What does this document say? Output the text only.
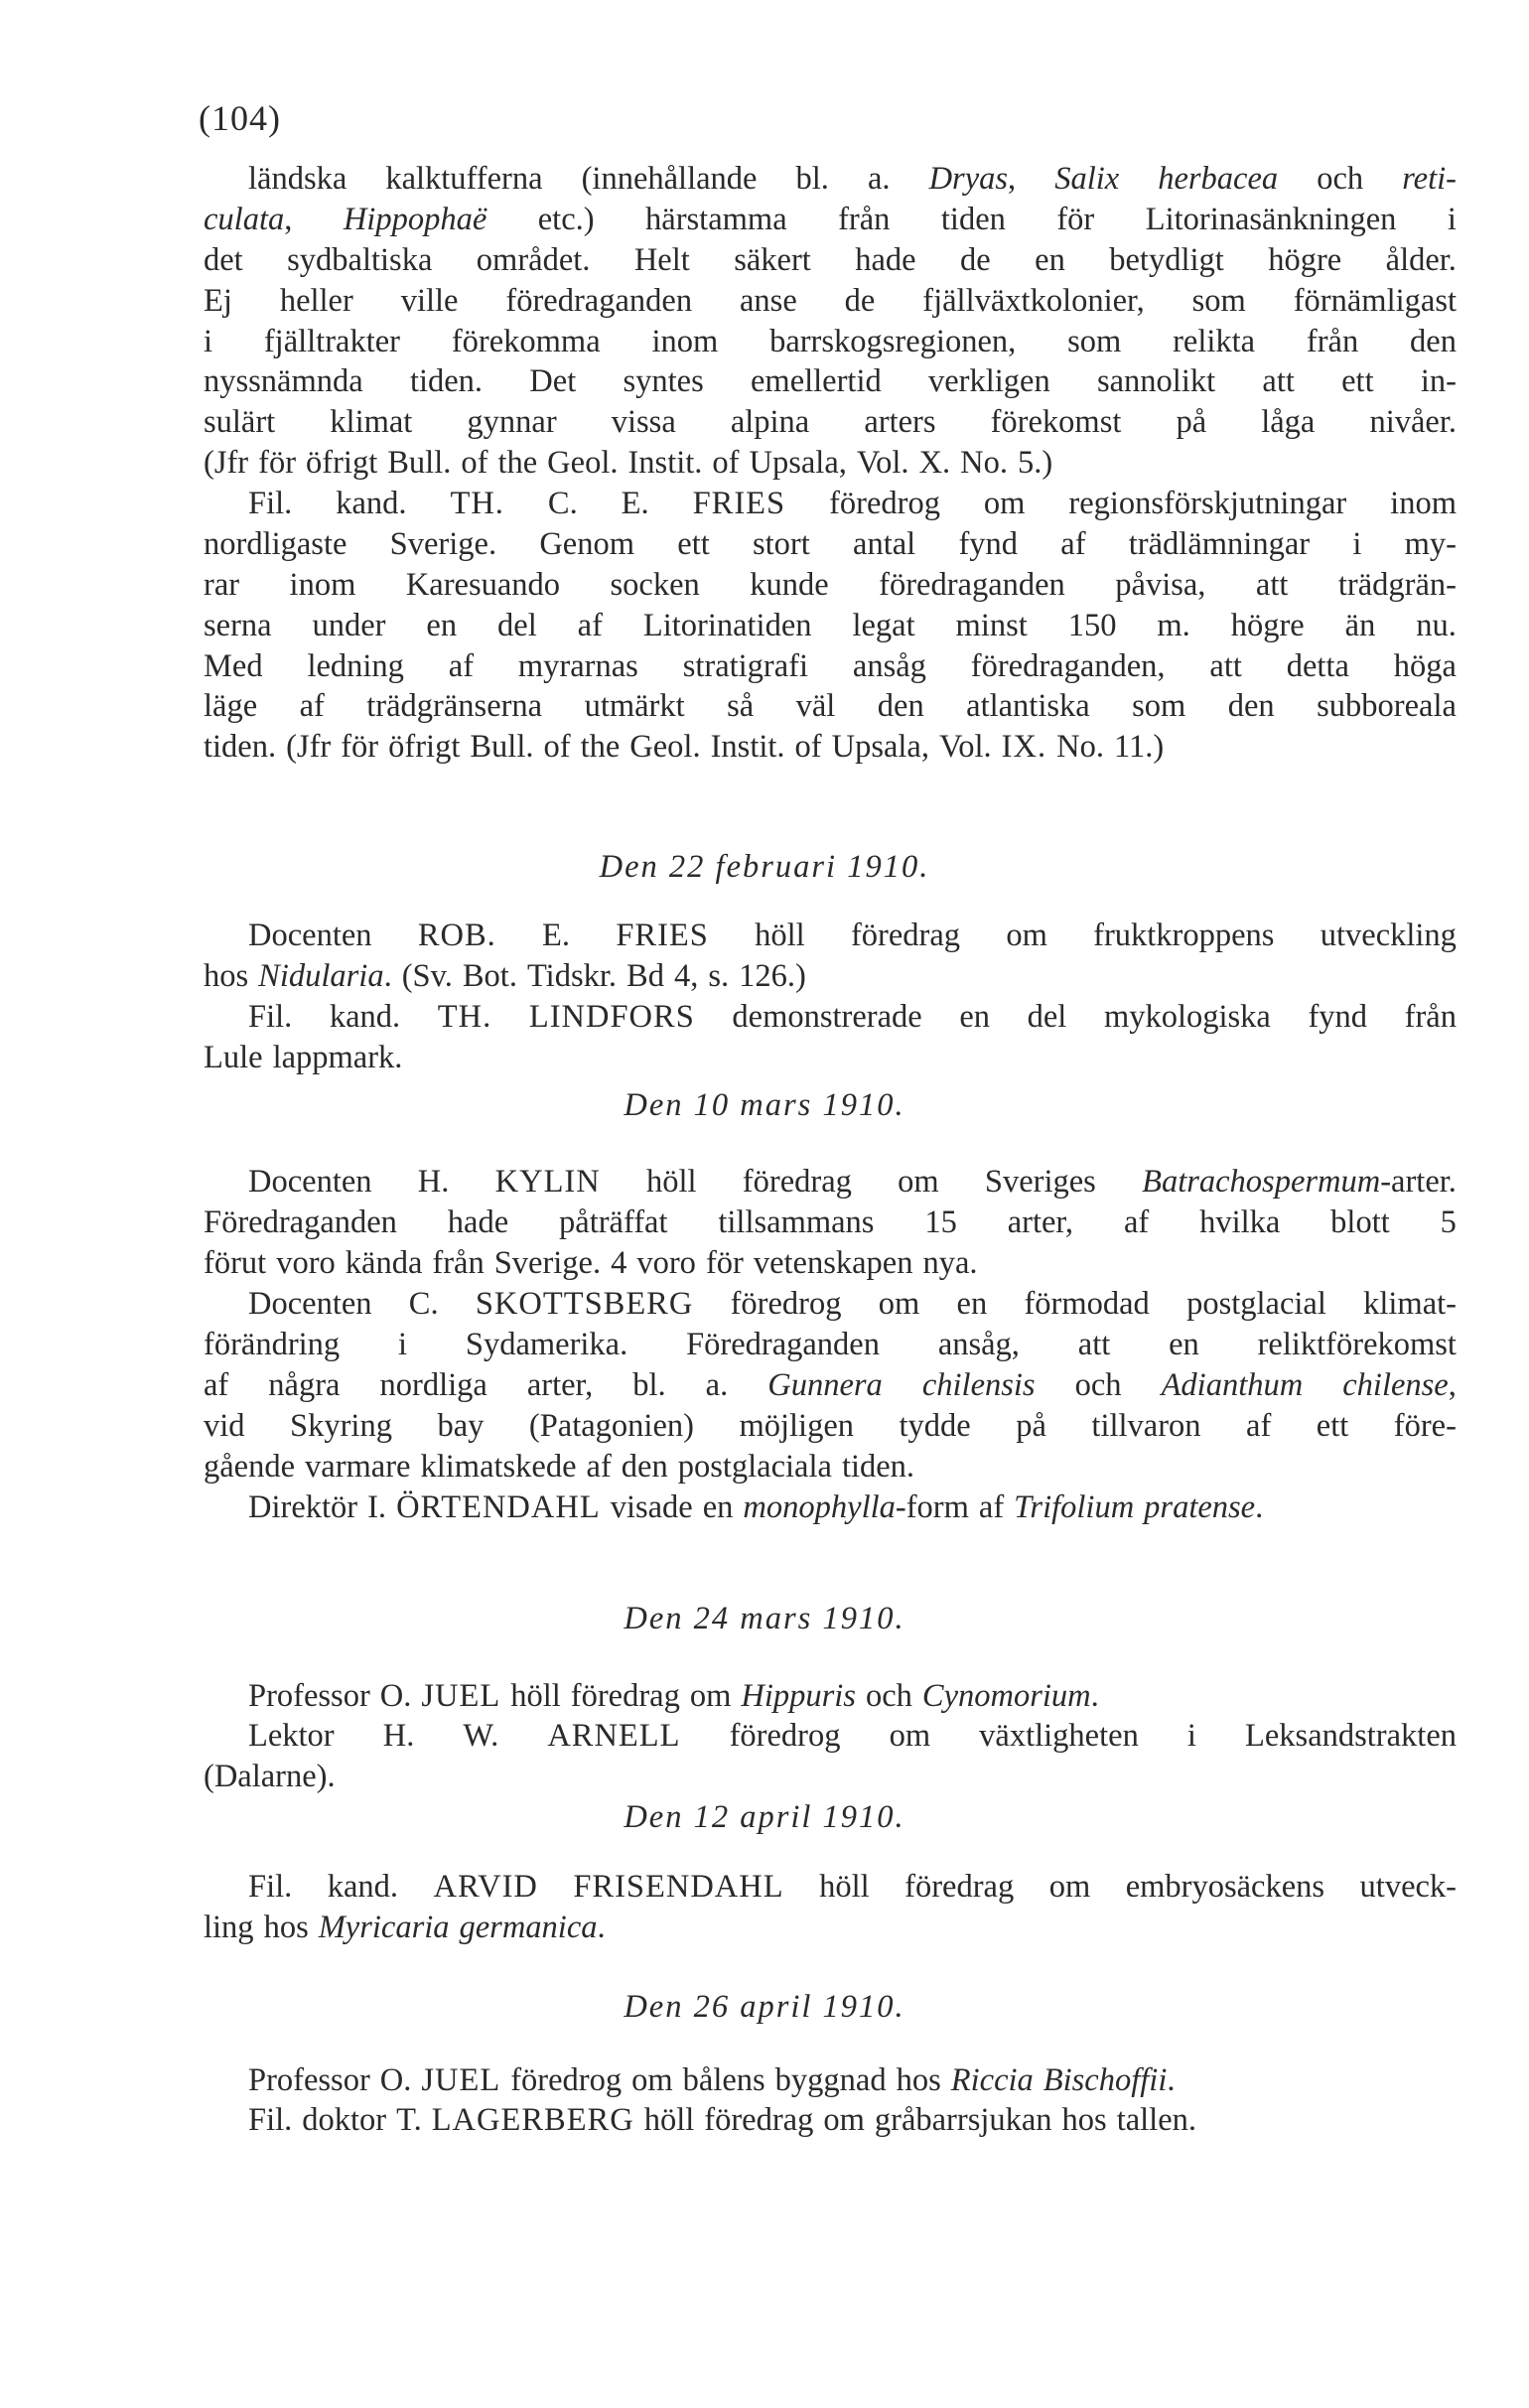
(104)
ländska kalktufferna (innehållande bl. a. Dryas, Salix herbacea och reti-
culata, Hippophaë etc.) härstamma från tiden för Litorinasänkningen i
det sydbaltiska området. Helt säkert hade de en betydligt högre ålder.
Ej heller ville föredraganden anse de fjällväxtkolonier, som förnämligast
i fjälltrakter förekomma inom barrskogsregionen, som relikta från den
nyssnämnda tiden. Det syntes emellertid verkligen sannolikt att ett in-
sulärt klimat gynnar vissa alpina arters förekomst på låga nivåer.
(Jfr för öfrigt Bull. of the Geol. Instit. of Upsala, Vol. X. No. 5.)
Fil. kand. TH. C. E. FRIES föredrog om regionsförskjutningar inom
nordligaste Sverige. Genom ett stort antal fynd af trädlämningar i my-
rar inom Karesuando socken kunde föredraganden påvisa, att trädgrän-
serna under en del af Litorinatiden legat minst 150 m. högre än nu.
Med ledning af myrarnas stratigrafi ansåg föredraganden, att detta höga
läge af trädgränserna utmärkt så väl den atlantiska som den subboreala
tiden. (Jfr för öfrigt Bull. of the Geol. Instit. of Upsala, Vol. IX. No. 11.)
Den 22 februari 1910.
Docenten ROB. E. FRIES höll föredrag om fruktkroppens utveckling
hos Nidularia. (Sv. Bot. Tidskr. Bd 4, s. 126.)
Fil. kand. TH. LINDFORS demonstrerade en del mykologiska fynd från
Lule lappmark.
Den 10 mars 1910.
Docenten H. KYLIN höll föredrag om Sveriges Batrachospermum-arter.
Föredraganden hade påträffat tillsammans 15 arter, af hvilka blott 5
förut voro kända från Sverige. 4 voro för vetenskapen nya.
Docenten C. SKOTTSBERG föredrog om en förmodad postglacial klimat-
förändring i Sydamerika. Föredraganden ansåg, att en reliktförekomst
af några nordliga arter, bl. a. Gunnera chilensis och Adianthum chilense,
vid Skyring bay (Patagonien) möjligen tydde på tillvaron af ett före-
gående varmare klimatskede af den postglaciala tiden.
Direktör I. ÖRTENDAHL visade en monophylla-form af Trifolium pratense.
Den 24 mars 1910.
Professor O. JUEL höll föredrag om Hippuris och Cynomorium.
Lektor H. W. ARNELL föredrog om växtligheten i Leksandstrakten
(Dalarne).
Den 12 april 1910.
Fil. kand. ARVID FRISENDAHL höll föredrag om embryosäckens utveck-
ling hos Myricaria germanica.
Den 26 april 1910.
Professor O. JUEL föredrog om bålens byggnad hos Riccia Bischoffii.
Fil. doktor T. LAGERBERG höll föredrag om gråbarrsjukan hos tallen.
